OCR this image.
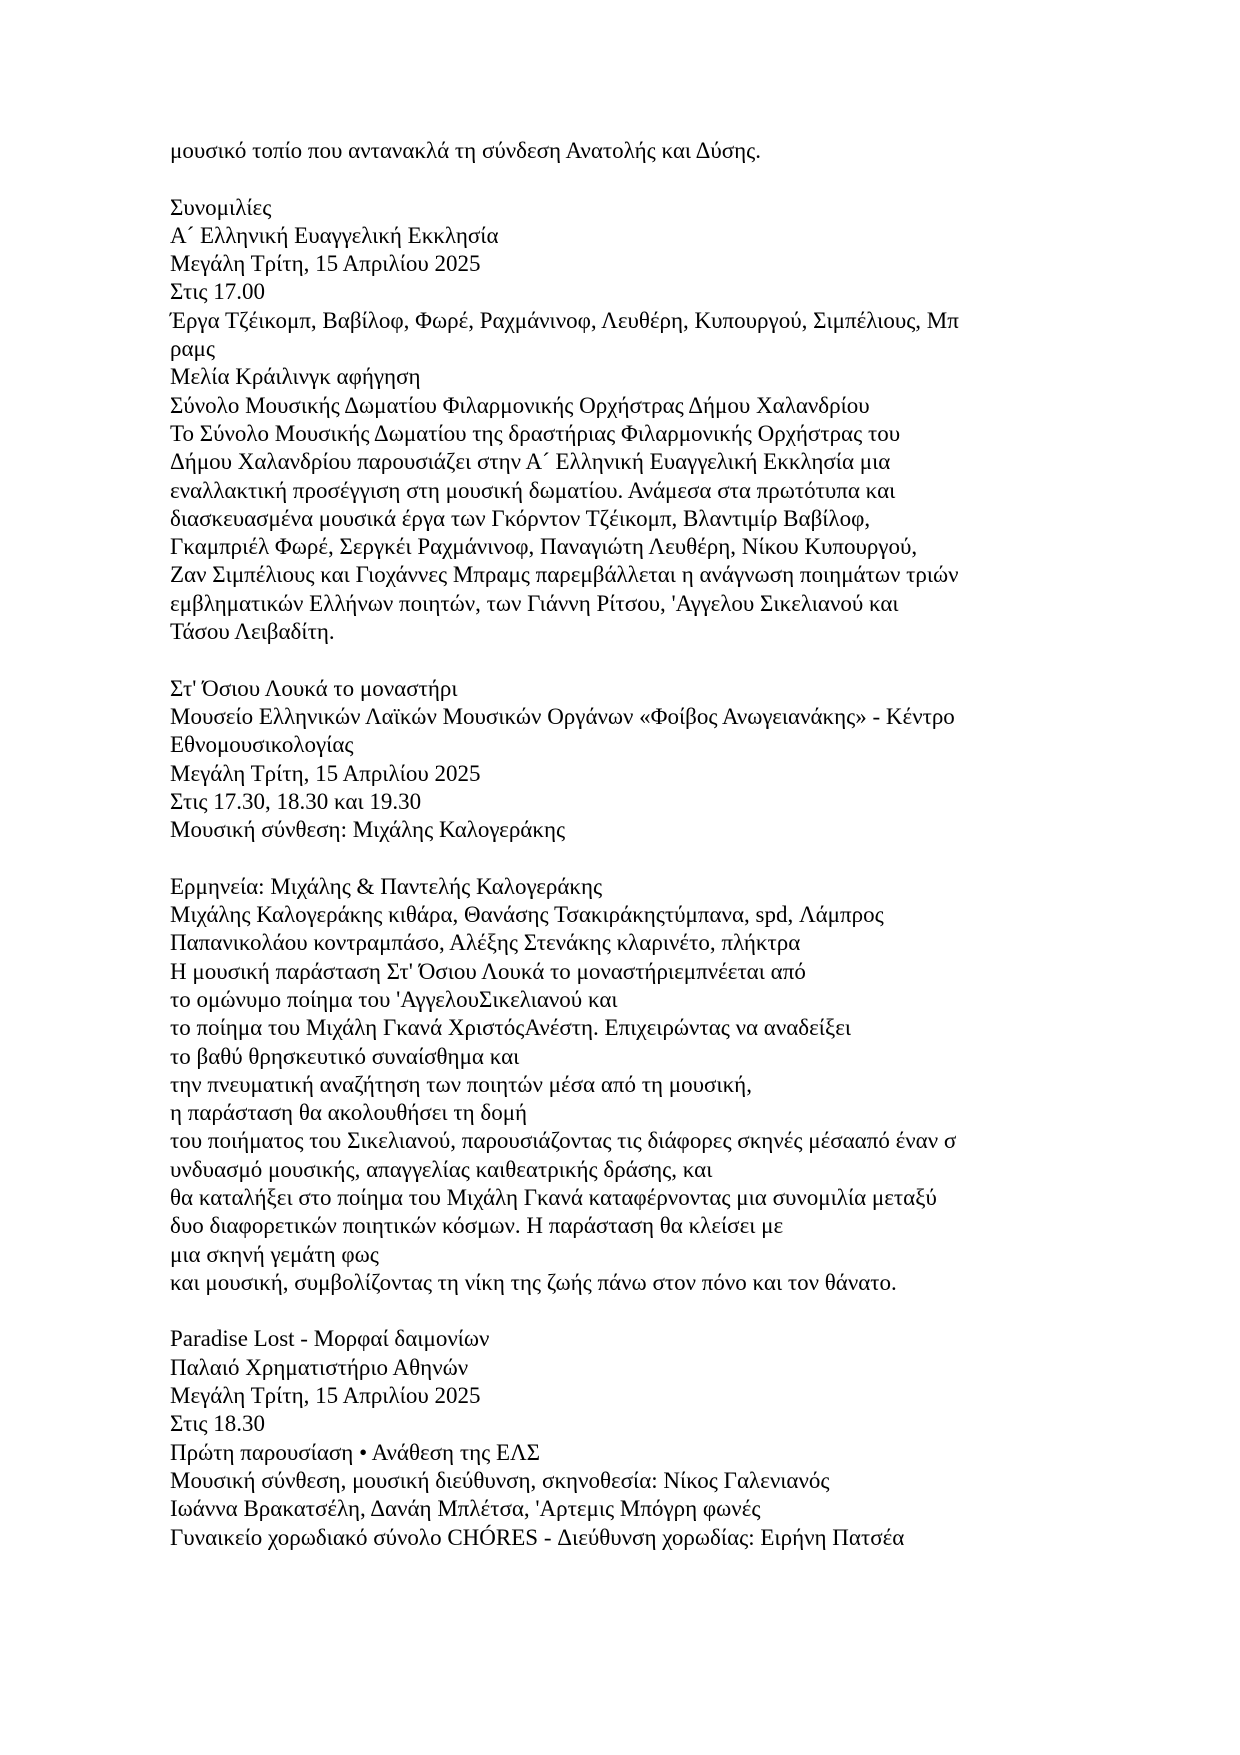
μουσικό τοπίο που αντανακλά τη σύνδεση Ανατολής και Δύσης.
Συνομιλίες
Α´ Ελληνική Ευαγγελική Εκκλησία
Μεγάλη Τρίτη, 15 Απριλίου 2025
Στις 17.00
Έργα Τζέικομπ, Βαβίλοφ, Φωρέ, Ραχμάνινοφ, Λευθέρη, Κυπουργού, Σιμπέλιους, Μπ
ραμς
Μελία Κράιλινγκ αφήγηση
Σύνολο Μουσικής Δωματίου Φιλαρμονικής Ορχήστρας Δήμου Χαλανδρίου
Το Σύνολο Μουσικής Δωματίου της δραστήριας Φιλαρμονικής Ορχήστρας του
Δήμου Χαλανδρίου παρουσιάζει στην Α´ Ελληνική Ευαγγελική Εκκλησία μια
εναλλακτική προσέγγιση στη μουσική δωματίου. Ανάμεσα στα πρωτότυπα και
διασκευασμένα μουσικά έργα των Γκόρντον Τζέικομπ, Βλαντιμίρ Βαβίλοφ,
Γκαμπριέλ Φωρέ, Σεργκέι Ραχμάνινοφ, Παναγιώτη Λευθέρη, Νίκου Κυπουργού,
Ζαν Σιμπέλιους και Γιοχάννες Μπραμς παρεμβάλλεται η ανάγνωση ποιημάτων τριών
εμβληματικών Ελλήνων ποιητών, των Γιάννη Ρίτσου, 'Αγγελου Σικελιανού και
Τάσου Λειβαδίτη.
Στ' Όσιου Λουκά το μοναστήρι
Μουσείο Ελληνικών Λαϊκών Μουσικών Οργάνων «Φοίβος Ανωγειανάκης» - Κέντρο
Εθνομουσικολογίας
Μεγάλη Τρίτη, 15 Απριλίου 2025
Στις 17.30, 18.30 και 19.30
Μουσική σύνθεση: Μιχάλης Καλογεράκης
Ερμηνεία: Μιχάλης & Παντελής Καλογεράκης
Μιχάλης Καλογεράκης κιθάρα, Θανάσης Τσακιράκηςτύμπανα, spd, Λάμπρος
Παπανικολάου κοντραμπάσο, Αλέξης Στενάκης κλαρινέτο, πλήκτρα
Η μουσική παράσταση Στ' Όσιου Λουκά το μοναστήριεμπνέεται από
το ομώνυμο ποίημα του 'ΑγγελουΣικελιανού και
το ποίημα του Μιχάλη Γκανά ΧριστόςΑνέστη. Επιχειρώντας να αναδείξει
το βαθύ θρησκευτικό συναίσθημα και
την πνευματική αναζήτηση των ποιητών μέσα από τη μουσική,
η παράσταση θα ακολουθήσει τη δομή
του ποιήματος του Σικελιανού, παρουσιάζοντας τις διάφορες σκηνές μέσααπό έναν σ
υνδυασμό μουσικής, απαγγελίας καιθεατρικής δράσης, και
θα καταλήξει στο ποίημα του Μιχάλη Γκανά καταφέρνοντας μια συνομιλία μεταξύ
δυο διαφορετικών ποιητικών κόσμων. Η παράσταση θα κλείσει με
μια σκηνή γεμάτη φως
και μουσική, συμβολίζοντας τη νίκη της ζωής πάνω στον πόνο και τον θάνατο.
Paradise Lost - Μορφαί δαιμονίων
Παλαιό Χρηματιστήριο Αθηνών
Μεγάλη Τρίτη, 15 Απριλίου 2025
Στις 18.30
Πρώτη παρουσίαση • Ανάθεση της ΕΛΣ
Μουσική σύνθεση, μουσική διεύθυνση, σκηνοθεσία: Νίκος Γαλενιανός
Ιωάννα Βρακατσέλη, Δανάη Μπλέτσα, 'Αρτεμις Μπόγρη φωνές
Γυναικείο χορωδιακό σύνολο CHÓRES - Διεύθυνση χορωδίας: Ειρήνη Πατσέα
